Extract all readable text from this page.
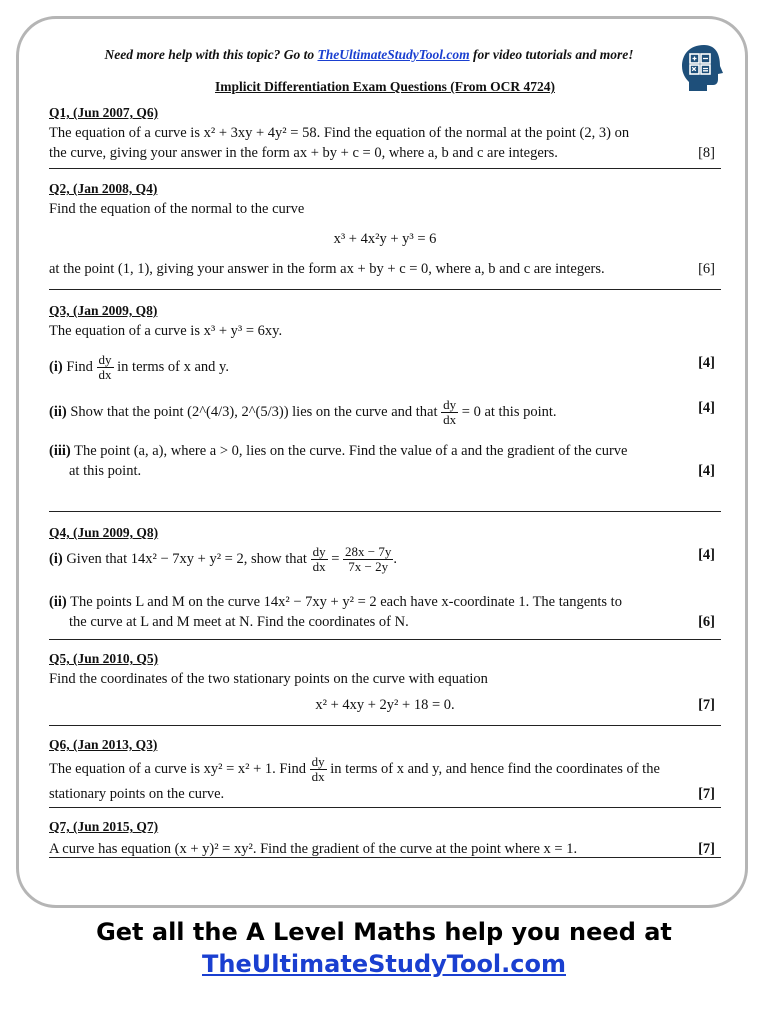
Need more help with this topic? Go to TheUltimateStudyTool.com for video tutorials and more!
Implicit Differentiation Exam Questions (From OCR 4724)
Q1, (Jun 2007, Q6)
The equation of a curve is x² + 3xy + 4y² = 58. Find the equation of the normal at the point (2, 3) on
the curve, giving your answer in the form ax + by + c = 0, where a, b and c are integers.	[8]
Q2, (Jan 2008, Q4)
Find the equation of the normal to the curve
x³ + 4x²y + y³ = 6
at the point (1, 1), giving your answer in the form ax + by + c = 0, where a, b and c are integers.	[6]
Q3, (Jan 2009, Q8)
The equation of a curve is x³ + y³ = 6xy.
(i) Find $\frac{dy}{dx}$ in terms of x and y.	[4]
(ii) Show that the point (2^(4/3), 2^(5/3)) lies on the curve and that $\frac{dy}{dx} = 0$ at this point.	[4]
(iii) The point (a, a), where a > 0, lies on the curve. Find the value of a and the gradient of the curve
at this point.	[4]
Q4, (Jun 2009, Q8)
(i) Given that 14x² − 7xy + y² = 2, show that $\frac{dy}{dx} = \frac{28x - 7y}{7x - 2y}$ .	[4]
(ii) The points L and M on the curve 14x² − 7xy + y² = 2 each have x-coordinate 1. The tangents to
the curve at L and M meet at N. Find the coordinates of N.	[6]
Q5, (Jun 2010, Q5)
Find the coordinates of the two stationary points on the curve with equation
x² + 4xy + 2y² + 18 = 0.	[7]
Q6, (Jan 2013, Q3)
The equation of a curve is xy² = x² + 1. Find $\frac{dy}{dx}$ in terms of x and y, and hence find the coordinates of the
stationary points on the curve.	[7]
Q7, (Jun 2015, Q7)
A curve has equation (x + y)² = xy². Find the gradient of the curve at the point where x = 1.	[7]
Get all the A Level Maths help you need at
TheUltimateStudyTool.com
